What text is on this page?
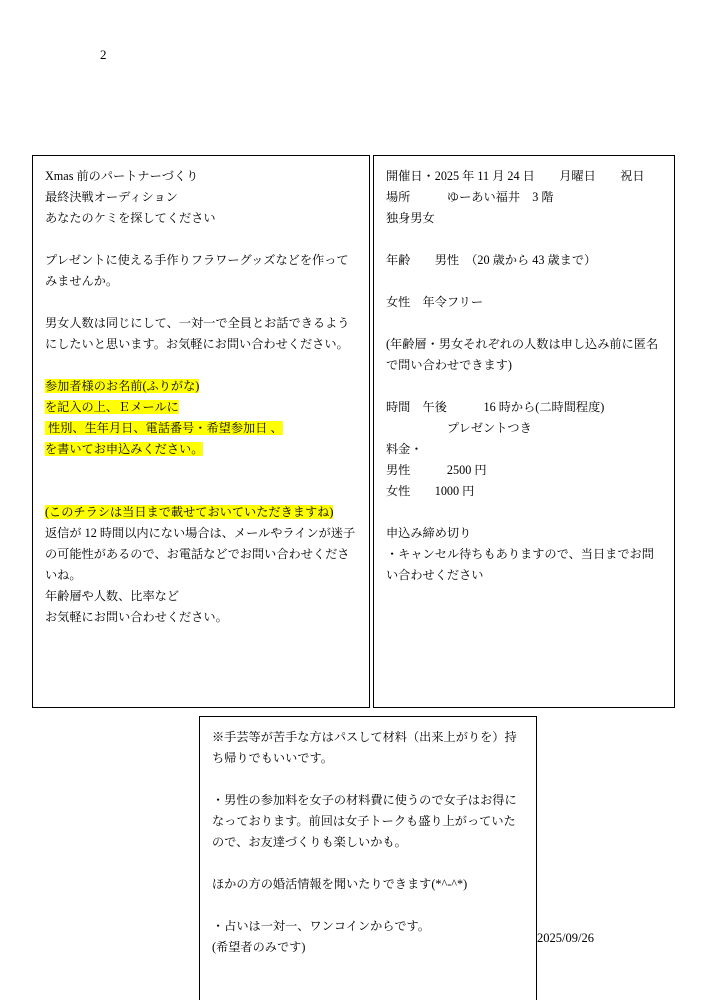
2
Xmas 前のパートナーづくり
最終決戦オーディション
あなたのケミを探してください
プレゼントに使える手作りフラワーグッズなどを作ってみませんか。
男女人数は同じにして、一対一で全員とお話できるようにしたいと思います。お気軽にお問い合わせください。
参加者様のお名前(ふりがな)
を記入の上、Ｅメールに
性別、生年月日、電話番号・希望参加日 、
を書いてお申込みください。
(このチラシは当日まで載せておいていただきますね)
返信が 12 時間以内にない場合は、メールやラインが迷子の可能性があるので、お電話などでお問い合わせくださいね。
年齢層や人数、比率など
お気軽にお問い合わせください。
開催日・2025 年 11 月 24 日　　月曜日　　祝日
場所　　　ゆーあい福井　3 階
独身男女
年齢　　男性　（20 歳から 43 歳まで）
女性　年令フリー
(年齢層・男女それぞれの人数は申し込み前に匿名で問い合わせできます)
時間　午後　　　16 時から(二時間程度)
　　　　　プレゼントつき
料金・
男性　　　2500 円
女性　　1000 円
申込み締め切り
・キャンセル待ちもありますので、当日までお問い合わせください
※手芸等が苦手な方はパスして材料（出来上がりを）持ち帰りでもいいです。
・男性の参加料を女子の材料費に使うので女子はお得になっております。前回は女子トークも盛り上がっていたので、お友達づくりも楽しいかも。
ほかの方の婚活情報を聞いたりできます(*^-^*)
・占いは一対一、ワンコインからです。
(希望者のみです)
2025/09/26
